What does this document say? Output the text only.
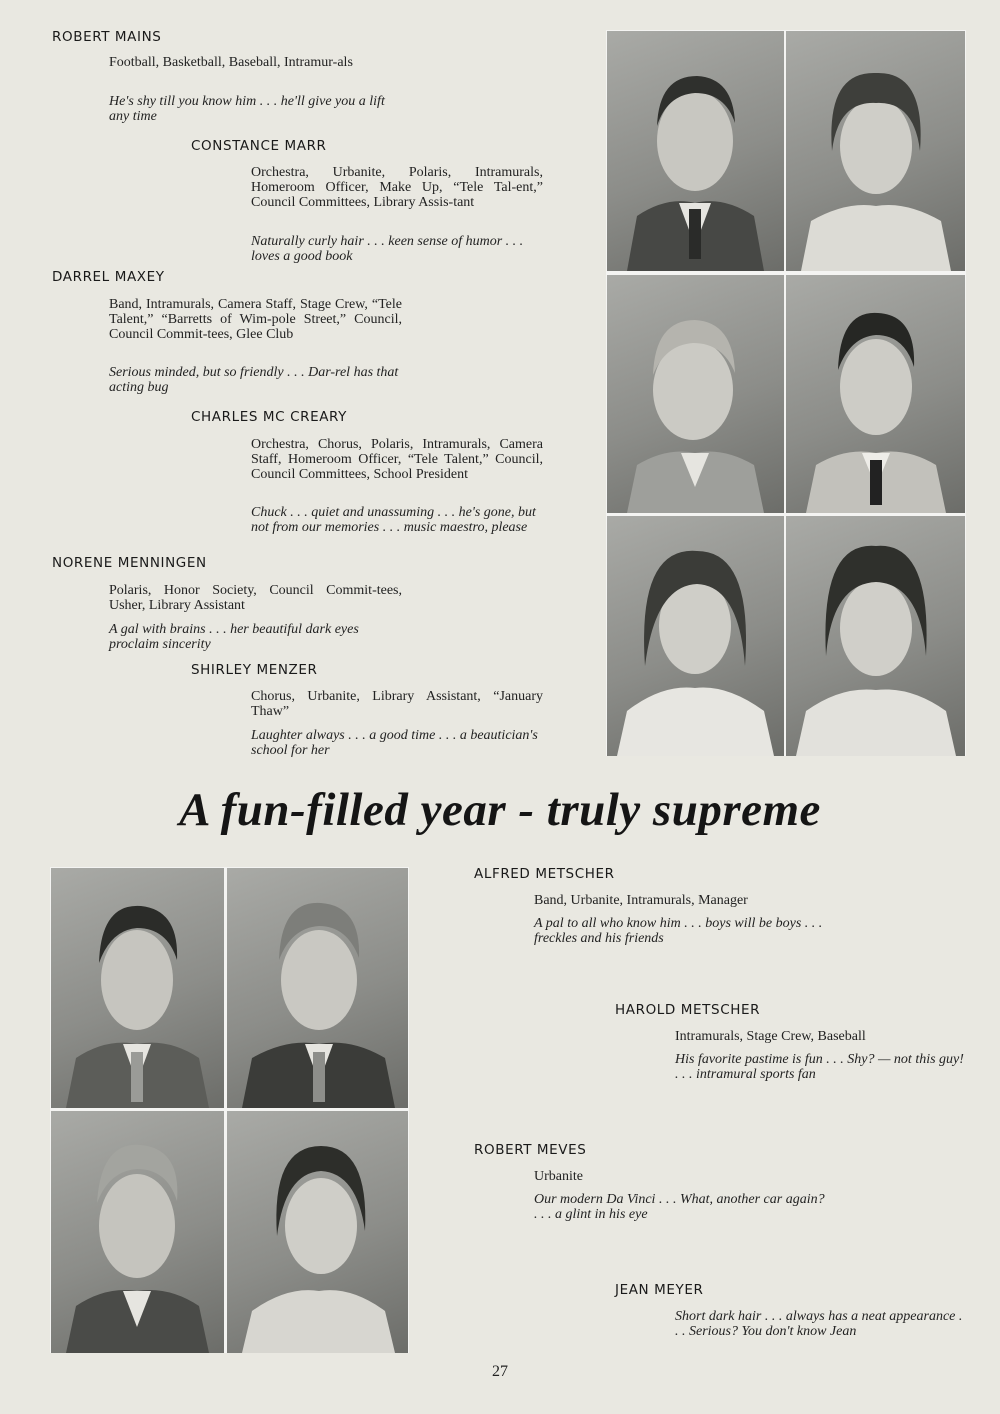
ROBERT MAINS
Football, Basketball, Baseball, Intramur-als
He's shy till you know him . . . he'll give you a lift any time
CONSTANCE MARR
Orchestra, Urbanite, Polaris, Intramurals, Homeroom Officer, Make Up, “Tele Tal-ent,” Council Committees, Library Assis-tant
Naturally curly hair . . . keen sense of humor . . . loves a good book
DARREL MAXEY
Band, Intramurals, Camera Staff, Stage Crew, “Tele Talent,” “Barretts of Wim-pole Street,” Council, Council Commit-tees, Glee Club
Serious minded, but so friendly . . . Dar-rel has that acting bug
CHARLES MC CREARY
Orchestra, Chorus, Polaris, Intramurals, Camera Staff, Homeroom Officer, “Tele Talent,” Council, Council Committees, School President
Chuck . . . quiet and unassuming . . . he's gone, but not from our memories . . . music maestro, please
NORENE MENNINGEN
Polaris, Honor Society, Council Commit-tees, Usher, Library Assistant
A gal with brains . . . her beautiful dark eyes proclaim sincerity
SHIRLEY MENZER
Chorus, Urbanite, Library Assistant, “January Thaw”
Laughter always . . . a good time . . . a beautician's school for her
A fun-filled year - truly supreme
ALFRED METSCHER
Band, Urbanite, Intramurals, Manager
A pal to all who know him . . . boys will be boys . . . freckles and his friends
HAROLD METSCHER
Intramurals, Stage Crew, Baseball
His favorite pastime is fun . . . Shy? — not this guy! . . . intramural sports fan
ROBERT MEVES
Urbanite
Our modern Da Vinci . . . What, another car again? . . . a glint in his eye
JEAN MEYER
Short dark hair . . . always has a neat appearance . . . Serious? You don't know Jean
27
